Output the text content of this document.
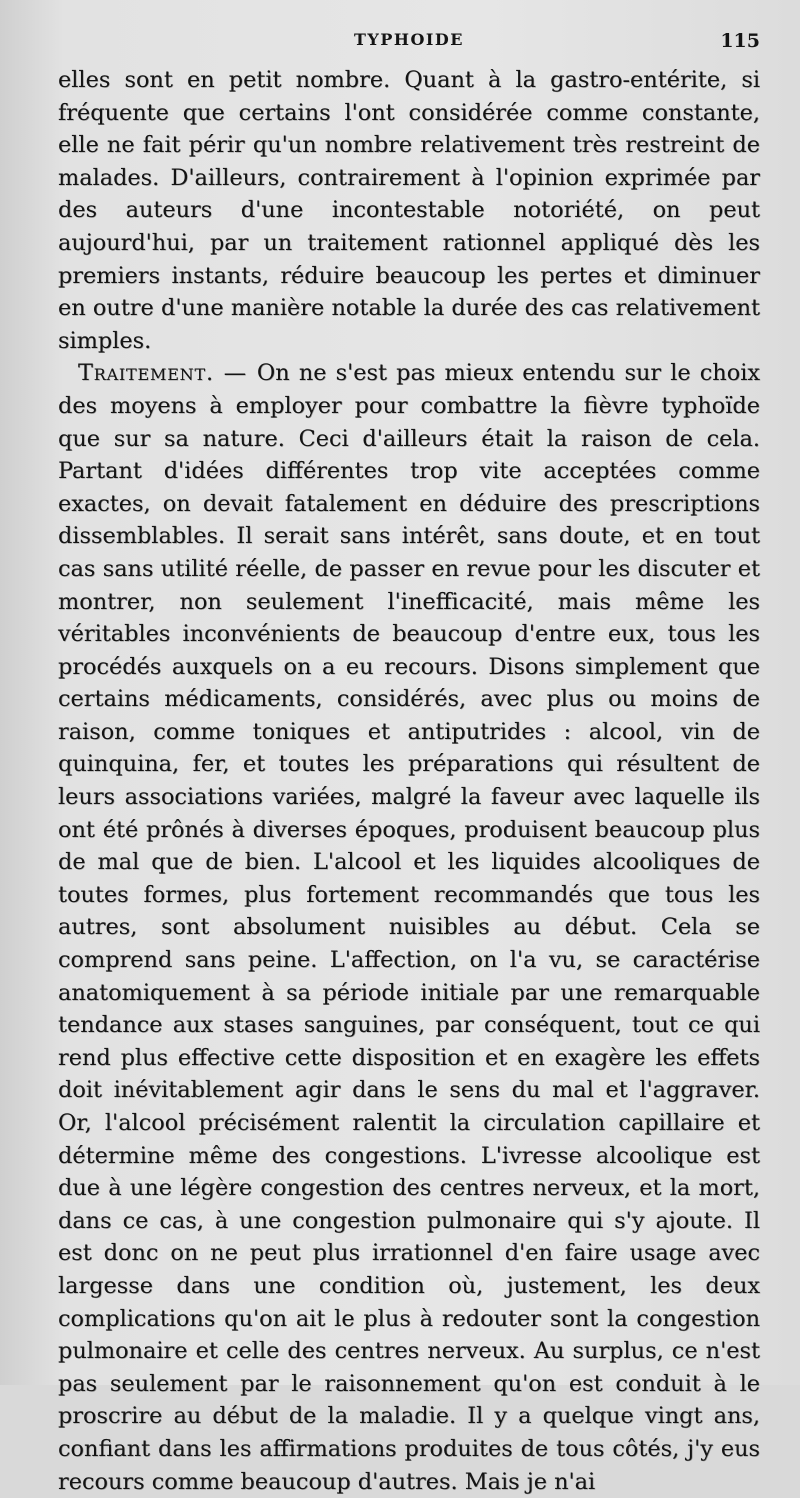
TYPHOIDE	115

elles sont en petit nombre. Quant à la gastro-entérite, si fréquente que certains l'ont considérée comme constante, elle ne fait périr qu'un nombre relativement très restreint de malades. D'ailleurs, contrairement à l'opinion exprimée par des auteurs d'une incontestable notoriété, on peut aujourd'hui, par un traitement rationnel appliqué dès les premiers instants, réduire beaucoup les pertes et diminuer en outre d'une manière notable la durée des cas relativement simples.

Traitement. — On ne s'est pas mieux entendu sur le choix des moyens à employer pour combattre la fièvre typhoïde que sur sa nature. Ceci d'ailleurs était la raison de cela. Partant d'idées différentes trop vite acceptées comme exactes, on devait fatalement en déduire des prescriptions dissemblables. Il serait sans intérêt, sans doute, et en tout cas sans utilité réelle, de passer en revue pour les discuter et montrer, non seulement l'inefficacité, mais même les véritables inconvénients de beaucoup d'entre eux, tous les procédés auxquels on a eu recours. Disons simplement que certains médicaments, considérés, avec plus ou moins de raison, comme toniques et antiputrides : alcool, vin de quinquina, fer, et toutes les préparations qui résultent de leurs associations variées, malgré la faveur avec laquelle ils ont été prônés à diverses époques, produisent beaucoup plus de mal que de bien. L'alcool et les liquides alcooliques de toutes formes, plus fortement recommandés que tous les autres, sont absolument nuisibles au début. Cela se comprend sans peine. L'affection, on l'a vu, se caractérise anatomiquement à sa période initiale par une remarquable tendance aux stases sanguines, par conséquent, tout ce qui rend plus effective cette disposition et en exagère les effets doit inévitablement agir dans le sens du mal et l'aggraver. Or, l'alcool précisément ralentit la circulation capillaire et détermine même des congestions. L'ivresse alcoolique est due à une légère congestion des centres nerveux, et la mort, dans ce cas, à une congestion pulmonaire qui s'y ajoute. Il est donc on ne peut plus irrationnel d'en faire usage avec largesse dans une condition où, justement, les deux complications qu'on ait le plus à redouter sont la congestion pulmonaire et celle des centres nerveux. Au surplus, ce n'est pas seulement par le raisonnement qu'on est conduit à le proscrire au début de la maladie. Il y a quelque vingt ans, confiant dans les affirmations produites de tous côtés, j'y eus recours comme beaucoup d'autres. Mais je n'ai
